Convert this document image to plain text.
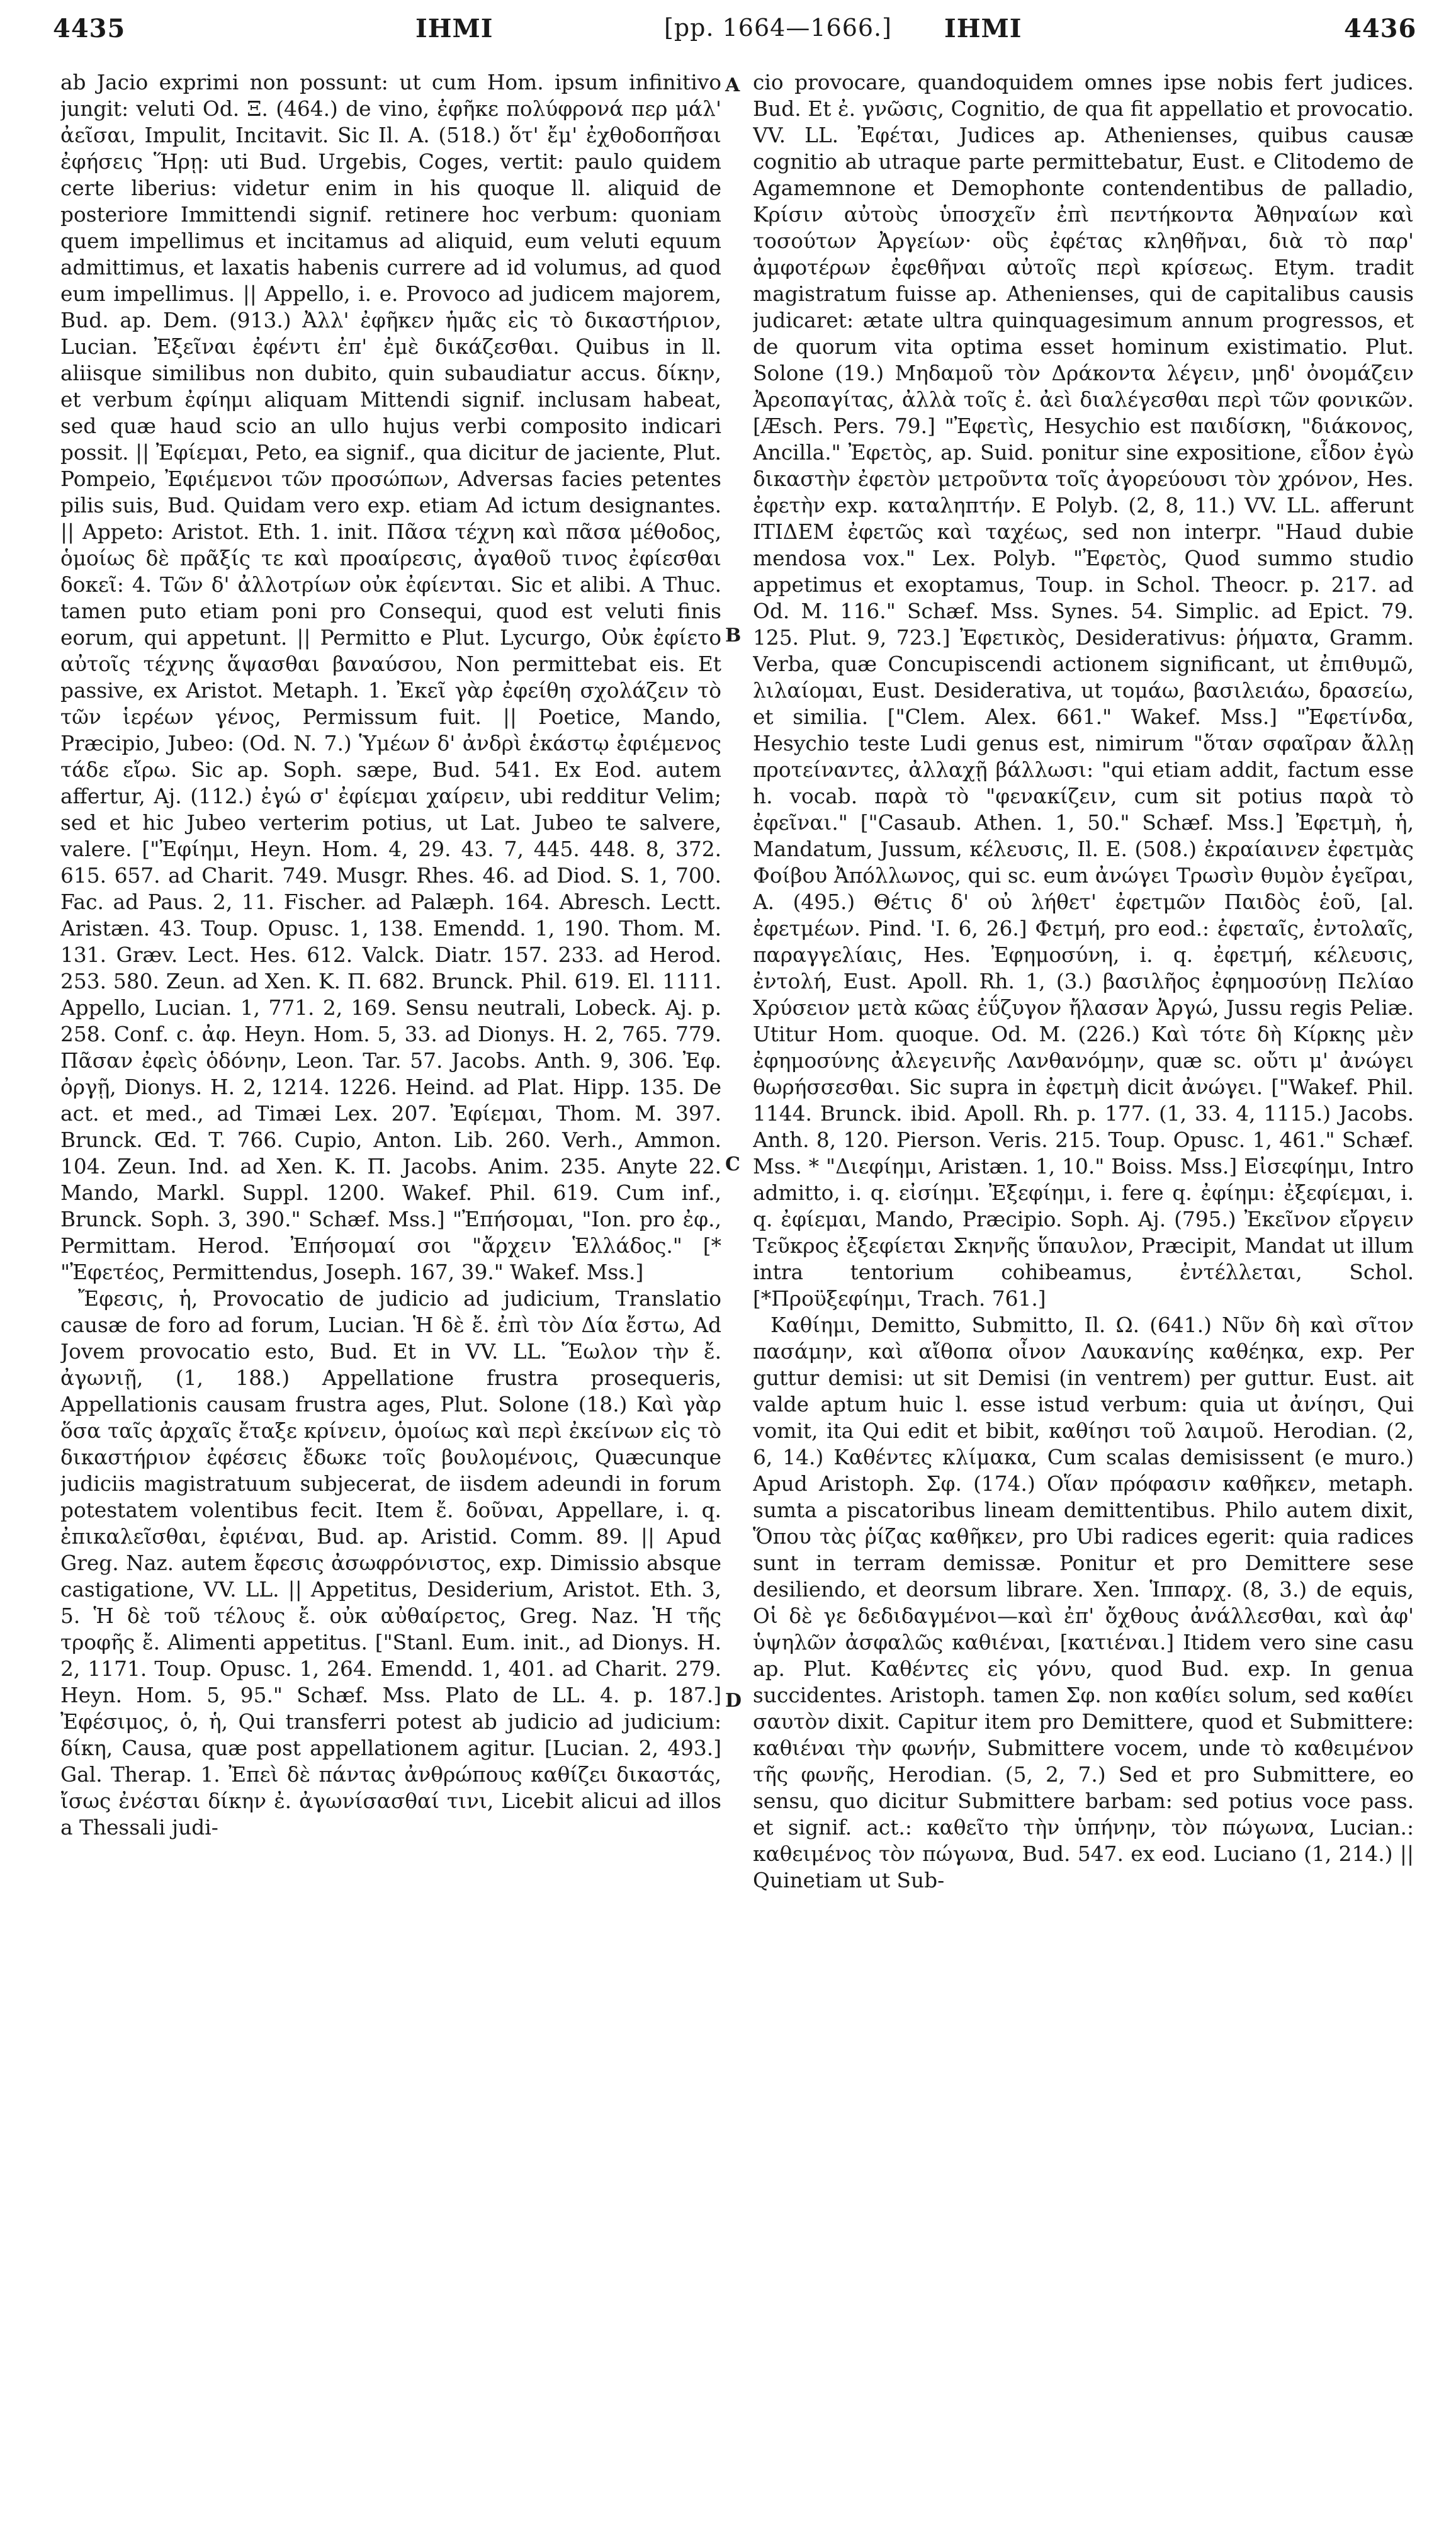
4435	ΙΗΜΙ	[pp. 1664—1666.] ΙΗΜΙ	4436

ab Jacio exprimi non possunt: ut cum Hom. ipsum infinitivo jungit: veluti Od. Ξ. (464.) de vino, ἐφῆκε πολύφρονά περ μάλ' ἀεῖσαι, Impulit, Incitavit. Sic Il. A. (518.) ὅτ' ἔμ' ἐχθοδοπῆσαι ἐφήσεις Ἥρῃ: uti Bud. Urgebis, Coges, vertit: paulo quidem certe liberius: videtur enim in his quoque ll. aliquid de posteriore Immittendi signif. retinere hoc verbum: quoniam quem impellimus et incitamus ad aliquid, eum veluti equum admittimus, et laxatis habenis currere ad id volumus, ad quod eum impellimus. || Appello, i. e. Provoco ad judicem majorem, Bud. ap. Dem. (913.) Ἀλλ' ἐφῆκεν ἡμᾶς εἰς τὸ δικαστήριον, Lucian. Ἐξεῖναι ἐφέντι ἐπ' ἐμὲ δικάζεσθαι. Quibus in ll. aliisque similibus non dubito, quin subaudiatur accus. δίκην, et verbum ἐφίημι aliquam Mittendi signif. inclusam habeat, sed quæ haud scio an ullo hujus verbi composito indicari possit. || Ἐφίεμαι, Peto, ea signif., qua dicitur de jaciente, Plut. Pompeio, Ἐφιέμενοι τῶν προσώπων, Adversas facies petentes pilis suis, Bud. Quidam vero exp. etiam Ad ictum designantes. || Appeto: Aristot. Eth. 1. init. Πᾶσα τέχνη καὶ πᾶσα μέθοδος, ὁμοίως δὲ πρᾶξίς τε καὶ προαίρεσις, ἀγαθοῦ τινος ἐφίεσθαι δοκεῖ: 4. Τῶν δ' ἀλλοτρίων οὐκ ἐφίενται. Sic et alibi. A Thuc. tamen puto etiam poni pro Consequi, quod est veluti finis eorum, qui appetunt. || Permitto e Plut. Lycurgo, Οὐκ ἐφίετο αὐτοῖς τέχνης ἅψασθαι βαναύσου, Non permittebat eis. Et passive, ex Aristot. Metaph. 1. Ἐκεῖ γὰρ ἐφείθη σχολάζειν τὸ τῶν ἱερέων γένος, Permissum fuit. || Poetice, Mando, Præcipio, Jubeo: (Od. N. 7.) Ὑμέων δ' ἀνδρὶ ἑκάστῳ ἐφιέμενος τάδε εἴρω. Sic ap. Soph. sæpe, Bud. 541. Ex Eod. autem affertur, Aj. (112.) ἐγώ σ' ἐφίεμαι χαίρειν, ubi redditur Velim; sed et hic Jubeo verterim potius, ut Lat. Jubeo te salvere, valere. ["Ἐφίημι, Heyn. Hom. 4, 29. 43. 7, 445. 448. 8, 372. 615. 657. ad Charit. 749. Musgr. Rhes. 46. ad Diod. S. 1, 700. Fac. ad Paus. 2, 11. Fischer. ad Palæph. 164. Abresch. Lectt. Aristæn. 43. Toup. Opusc. 1, 138. Emendd. 1, 190. Thom. M. 131. Græv. Lect. Hes. 612. Valck. Diatr. 157. 233. ad Herod. 253. 580. Zeun. ad Xen. K. Π. 682. Brunck. Phil. 619. El. 1111. Appello, Lucian. 1, 771. 2, 169. Sensu neutrali, Lobeck. Aj. p. 258. Conf. c. ἀφ. Heyn. Hom. 5, 33. ad Dionys. H. 2, 765. 779. Πᾶσαν ἐφεὶς ὁδόνην, Leon. Tar. 57. Jacobs. Anth. 9, 306. Ἐφ. ὀργῇ, Dionys. H. 2, 1214. 1226. Heind. ad Plat. Hipp. 135. De act. et med., ad Timæi Lex. 207. Ἐφίεμαι, Thom. M. 397. Brunck. Œd. T. 766. Cupio, Anton. Lib. 260. Verh., Ammon. 104. Zeun. Ind. ad Xen. K. Π. Jacobs. Anim. 235. Anyte 22. Mando, Markl. Suppl. 1200. Wakef. Phil. 619. Cum inf., Brunck. Soph. 3, 390." Schæf. Mss.] "Ἐπήσομαι, "Ion. pro ἐφ., Permittam. Herod. Ἐπήσομαί σοι "ἄρχειν Ἑλλάδος." [* "Ἐφετέος, Permittendus, Joseph. 167, 39." Wakef. Mss.]

Ἔφεσις, ἡ, Provocatio de judicio ad judicium, Translatio causæ de foro ad forum, Lucian. Ἡ δὲ ἔ. ἐπὶ τὸν Δία ἔστω, Ad Jovem provocatio esto, Bud. Et in VV. LL. Ἕωλον τὴν ἔ. ἀγωνιῇ, (1, 188.) Appellatione frustra prosequeris, Appellationis causam frustra ages, Plut. Solone (18.) Καὶ γὰρ ὅσα ταῖς ἀρχαῖς ἔταξε κρίνειν, ὁμοίως καὶ περὶ ἐκείνων εἰς τὸ δικαστήριον ἐφέσεις ἔδωκε τοῖς βουλομένοις, Quæcunque judiciis magistratuum subjecerat, de iisdem adeundi in forum potestatem volentibus fecit. Item ἔ. δοῦναι, Appellare, i. q. ἐπικαλεῖσθαι, ἐφιέναι, Bud. ap. Aristid. Comm. 89. || Apud Greg. Naz. autem ἔφεσις ἀσωφρόνιστος, exp. Dimissio absque castigatione, VV. LL. || Appetitus, Desiderium, Aristot. Eth. 3, 5. Ἡ δὲ τοῦ τέλους ἔ. οὐκ αὐθαίρετος, Greg. Naz. Ἡ τῆς τροφῆς ἔ. Alimenti appetitus. ["Stanl. Eum. init., ad Dionys. H. 2, 1171. Toup. Opusc. 1, 264. Emendd. 1, 401. ad Charit. 279. Heyn. Hom. 5, 95." Schæf. Mss. Plato de LL. 4. p. 187.] Ἐφέσιμος, ὁ, ἡ, Qui transferri potest ab judicio ad judicium: δίκη, Causa, quæ post appellationem agitur. [Lucian. 2, 493.] Gal. Therap. 1. Ἐπεὶ δὲ πάντας ἀνθρώπους καθίζει δικαστάς, ἴσως ἐνέσται δίκην ἐ. ἀγωνίσασθαί τινι, Licebit alicui ad illos a Thessali judi-

A
B
C
D

cio provocare, quandoquidem omnes ipse nobis fert judices. Bud. Et ἐ. γνῶσις, Cognitio, de qua fit appellatio et provocatio. VV. LL. Ἐφέται, Judices ap. Athenienses, quibus causæ cognitio ab utraque parte permittebatur, Eust. e Clitodemo de Agamemnone et Demophonte contendentibus de palladio, Κρίσιν αὐτοὺς ὑποσχεῖν ἐπὶ πεντήκοντα Ἀθηναίων καὶ τοσούτων Ἀργείων· οὓς ἐφέτας κληθῆναι, διὰ τὸ παρ' ἀμφοτέρων ἐφεθῆναι αὐτοῖς περὶ κρίσεως. Etym. tradit magistratum fuisse ap. Athenienses, qui de capitalibus causis judicaret: ætate ultra quinquagesimum annum progressos, et de quorum vita optima esset hominum existimatio. Plut. Solone (19.) Μηδαμοῦ τὸν Δράκοντα λέγειν, μηδ' ὀνομάζειν Ἀρεοπαγίτας, ἀλλὰ τοῖς ἐ. ἀεὶ διαλέγεσθαι περὶ τῶν φονικῶν. [Æsch. Pers. 79.] "Ἐφετὶς, Hesychio est παιδίσκη, "διάκονος, Ancilla." Ἐφετὸς, ap. Suid. ponitur sine expositione, εἶδον ἐγὼ δικαστὴν ἐφετὸν μετροῦντα τοῖς ἀγορεύουσι τὸν χρόνον, Hes. ἐφετὴν exp. καταληπτήν. E Polyb. (2, 8, 11.) VV. LL. afferunt ΙΤΙΔΕΜ ἐφετῶς καὶ ταχέως, sed non interpr. "Haud dubie mendosa vox." Lex. Polyb. "Ἐφετὸς, Quod summo studio appetimus et exoptamus, Toup. in Schol. Theocr. p. 217. ad Od. M. 116." Schæf. Mss. Synes. 54. Simplic. ad Epict. 79. 125. Plut. 9, 723.] Ἐφετικὸς, Desiderativus: ῥήματα, Gramm. Verba, quæ Concupiscendi actionem significant, ut ἐπιθυμῶ, λιλαίομαι, Eust. Desiderativa, ut τομάω, βασιλειάω, δρασείω, et similia. ["Clem. Alex. 661." Wakef. Mss.] "Ἐφετίνδα, Hesychio teste Ludi genus est, nimirum "ὅταν σφαῖραν ἄλλῃ προτείναντες, ἀλλαχῇ βάλλωσι: "qui etiam addit, factum esse h. vocab. παρὰ τὸ "φενακίζειν, cum sit potius παρὰ τὸ ἐφεῖναι." ["Casaub. Athen. 1, 50." Schæf. Mss.] Ἐφετμὴ, ἡ, Mandatum, Jussum, κέλευσις, Il. E. (508.) ἐκραίαινεν ἐφετμὰς Φοίβου Ἀπόλλωνος, qui sc. eum ἀνώγει Τρωσὶν θυμὸν ἐγεῖραι, A. (495.) Θέτις δ' οὐ λήθετ' ἐφετμῶν Παιδὸς ἑοῦ, [al. ἐφετμέων. Pind. 'I. 6, 26.] Φετμή, pro eod.: ἐφεταῖς, ἐντολαῖς, παραγγελίαις, Hes. Ἐφημοσύνη, i. q. ἐφετμή, κέλευσις, ἐντολή, Eust. Apoll. Rh. 1, (3.) βασιλῆος ἐφημοσύνῃ Πελίαο Χρύσειον μετὰ κῶας ἐΰζυγον ἤλασαν Ἀργώ, Jussu regis Peliæ. Utitur Hom. quoque. Od. M. (226.) Καὶ τότε δὴ Κίρκης μὲν ἐφημοσύνης ἀλεγεινῆς Λανθανόμην, quæ sc. οὔτι μ' ἀνώγει θωρήσσεσθαι. Sic supra in ἐφετμὴ dicit ἀνώγει. ["Wakef. Phil. 1144. Brunck. ibid. Apoll. Rh. p. 177. (1, 33. 4, 1115.) Jacobs. Anth. 8, 120. Pierson. Veris. 215. Toup. Opusc. 1, 461." Schæf. Mss. * "Διεφίημι, Aristæn. 1, 10." Boiss. Mss.] Εἰσεφίημι, Intro admitto, i. q. εἰσίημι. Ἐξεφίημι, i. fere q. ἐφίημι: ἐξεφίεμαι, i. q. ἐφίεμαι, Mando, Præcipio. Soph. Aj. (795.) Ἐκεῖνον εἴργειν Τεῦκρος ἐξεφίεται Σκηνῆς ὕπαυλον, Præcipit, Mandat ut illum intra tentorium cohibeamus, ἐντέλλεται, Schol. [*Προϋξεφίημι, Trach. 761.]

Καθίημι, Demitto, Submitto, Il. Ω. (641.) Νῦν δὴ καὶ σῖτον πασάμην, καὶ αἴθοπα οἶνον Λαυκανίης καθέηκα, exp. Per guttur demisi: ut sit Demisi (in ventrem) per guttur. Eust. ait valde aptum huic l. esse istud verbum: quia ut ἀνίησι, Qui vomit, ita Qui edit et bibit, καθίησι τοῦ λαιμοῦ. Herodian. (2, 6, 14.) Καθέντες κλίμακα, Cum scalas demisissent (e muro.) Apud Aristoph. Σφ. (174.) Οἵαν πρόφασιν καθῆκεν, metaph. sumta a piscatoribus lineam demittentibus. Philo autem dixit, Ὅπου τὰς ῥίζας καθῆκεν, pro Ubi radices egerit: quia radices sunt in terram demissæ. Ponitur et pro Demittere sese desiliendo, et deorsum librare. Xen. Ἱππαρχ. (8, 3.) de equis, Οἱ δὲ γε δεδιδαγμένοι—καὶ ἐπ' ὄχθους ἀνάλλεσθαι, καὶ ἀφ' ὑψηλῶν ἀσφαλῶς καθιέναι, [κατιέναι.] Itidem vero sine casu ap. Plut. Καθέντες εἰς γόνυ, quod Bud. exp. In genua succidentes. Aristoph. tamen Σφ. non καθίει solum, sed καθίει σαυτὸν dixit. Capitur item pro Demittere, quod et Submittere: καθιέναι τὴν φωνήν, Submittere vocem, unde τὸ καθειμένον τῆς φωνῆς, Herodian. (5, 2, 7.) Sed et pro Submittere, eo sensu, quo dicitur Submittere barbam: sed potius voce pass. et signif. act.: καθεῖτο τὴν ὑπήνην, τὸν πώγωνα, Lucian.: καθειμένος τὸν πώγωνα, Bud. 547. ex eod. Luciano (1, 214.) || Quinetiam ut Sub-
